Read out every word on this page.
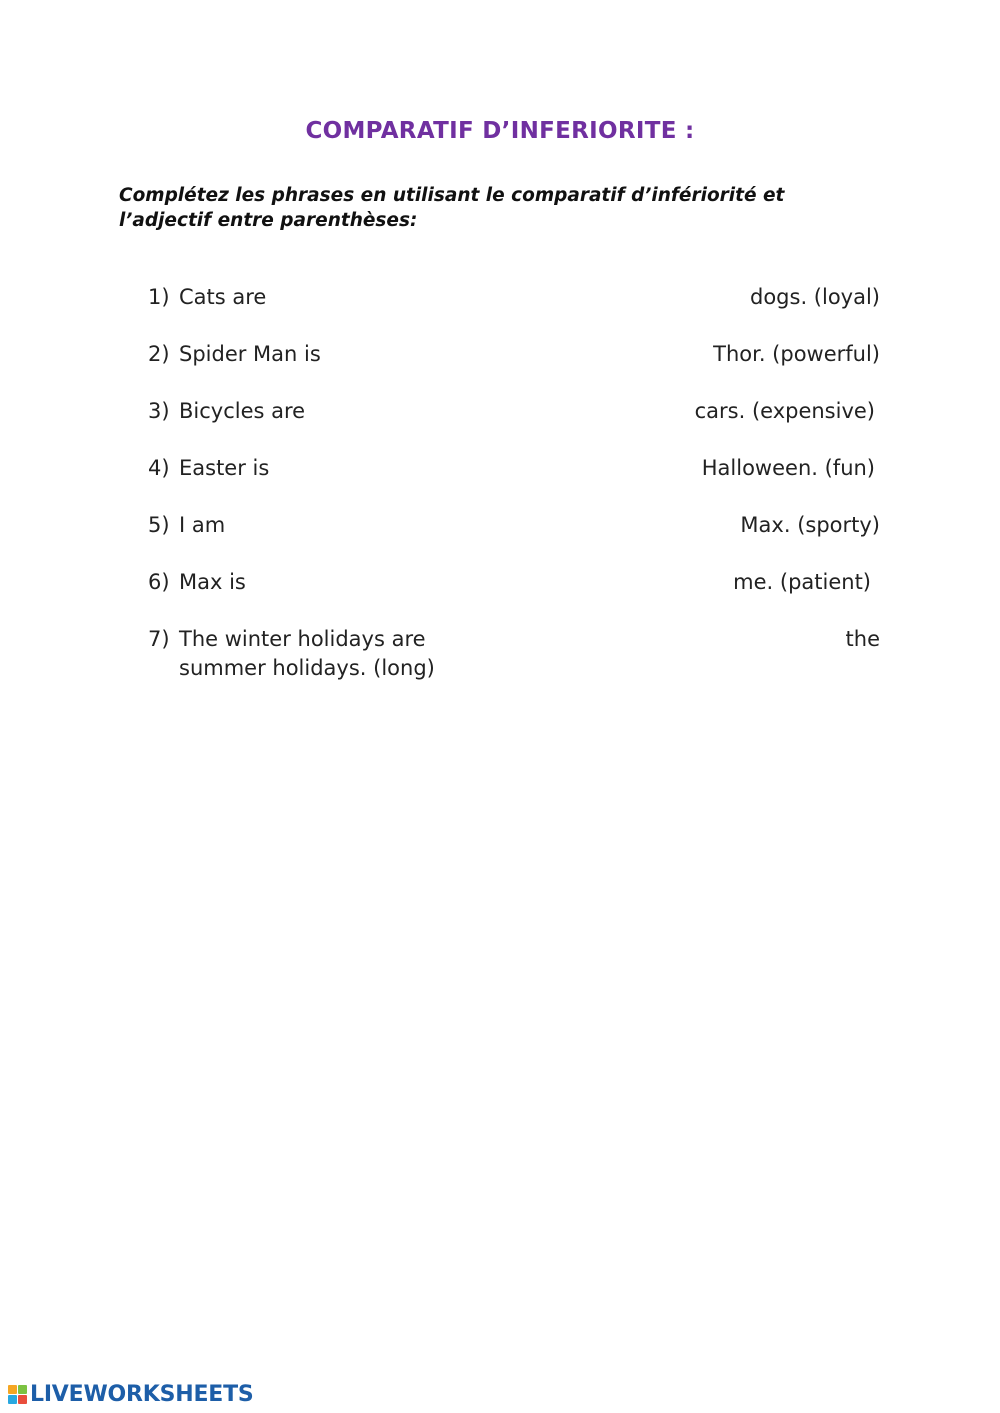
COMPARATIF D’INFERIORITE :
Complétez les phrases en utilisant le comparatif d’infériorité et l’adjectif entre parenthèses:
1) Cats are	dogs. (loyal)
2) Spider Man is	Thor. (powerful)
3) Bicycles are	cars. (expensive)
4) Easter is	Halloween. (fun)
5) I am	Max. (sporty)
6) Max is	me. (patient)
7) The winter holidays are	the
summer holidays. (long)
LIVEWORKSHEETS
